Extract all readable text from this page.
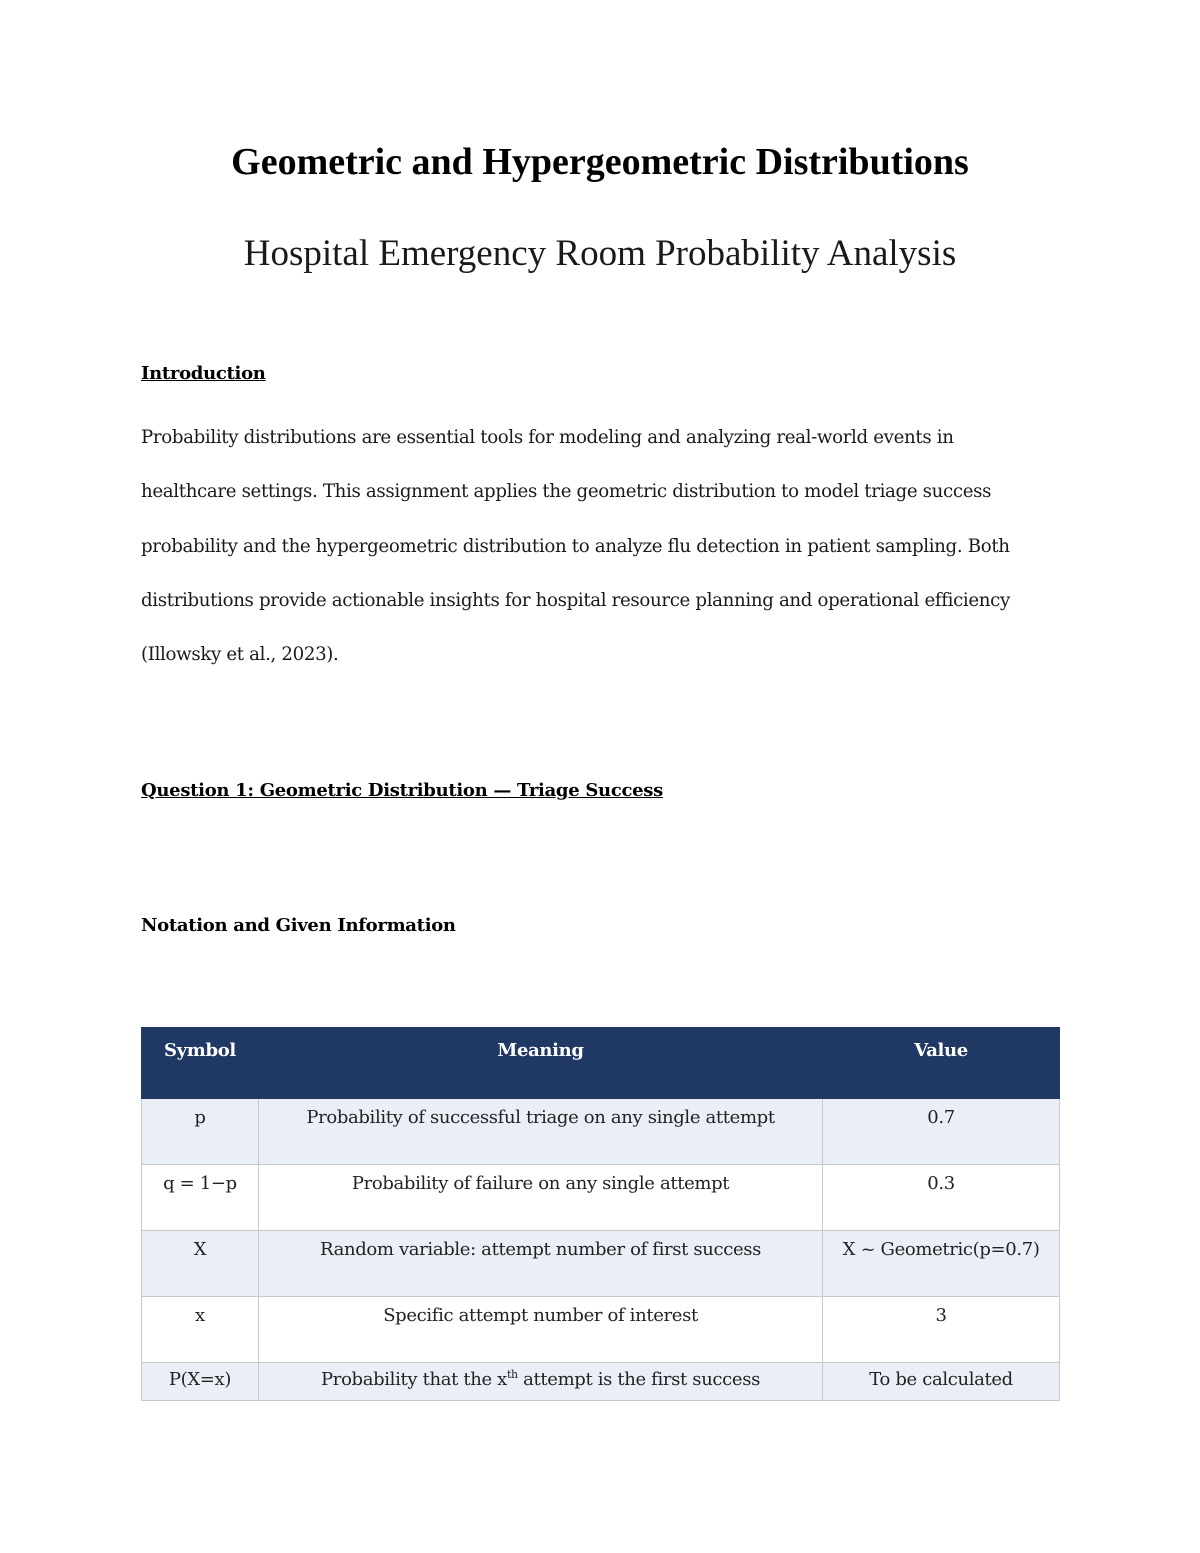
Geometric and Hypergeometric Distributions
Hospital Emergency Room Probability Analysis
Introduction

Probability distributions are essential tools for modeling and analyzing real-world events in
healthcare settings. This assignment applies the geometric distribution to model triage success
probability and the hypergeometric distribution to analyze flu detection in patient sampling. Both
distributions provide actionable insights for hospital resource planning and operational efficiency
(Illowsky et al., 2023).

Question 1: Geometric Distribution — Triage Success
Notation and Given Information
Symbol	Meaning	Value
p	Probability of successful triage on any single attempt	0.7
q = 1−p	Probability of failure on any single attempt	0.3
X	Random variable: attempt number of first success	X ~ Geometric(p=0.7)
x	Specific attempt number of interest	3
P(X=x)	Probability that the $x^{th}$ attempt is the first success	To be calculated
